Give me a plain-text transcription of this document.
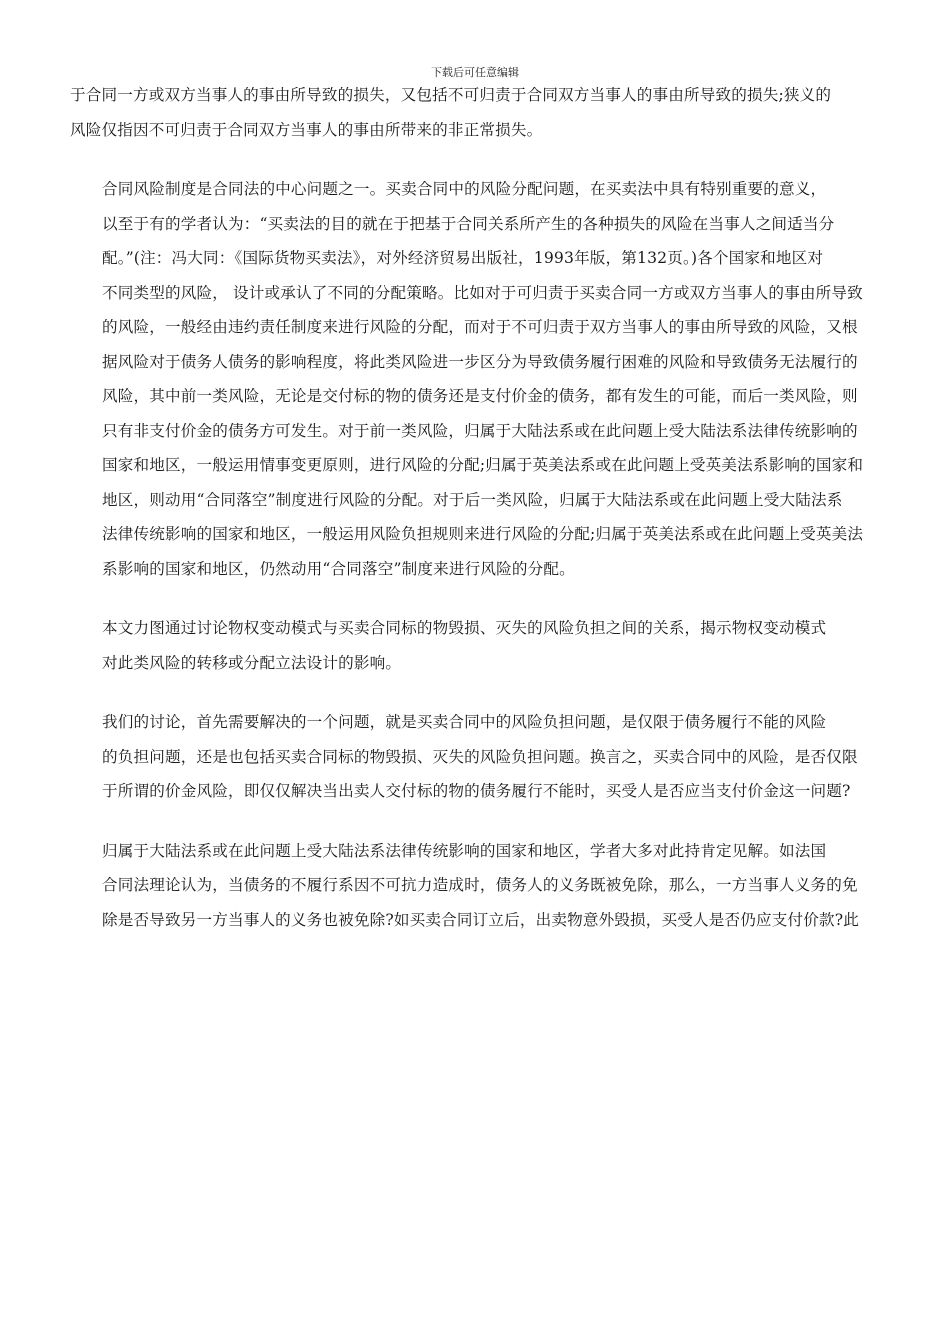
下载后可任意编辑

于合同一方或双方当事人的事由所导致的损失，又包括不可归责于合同双方当事人的事由所导致的损失;狭义的
风险仅指因不可归责于合同双方当事人的事由所带来的非正常损失。

合同风险制度是合同法的中心问题之一。买卖合同中的风险分配问题，在买卖法中具有特别重要的意义，
以至于有的学者认为：“买卖法的目的就在于把基于合同关系所产生的各种损失的风险在当事人之间适当分
配。”(注：冯大同：《国际货物买卖法》，对外经济贸易出版社，1993年版，第132页。)各个国家和地区对
不同类型的风险， 设计或承认了不同的分配策略。比如对于可归责于买卖合同一方或双方当事人的事由所导致
的风险，一般经由违约责任制度来进行风险的分配，而对于不可归责于双方当事人的事由所导致的风险，又根
据风险对于债务人债务的影响程度，将此类风险进一步区分为导致债务履行困难的风险和导致债务无法履行的
风险，其中前一类风险，无论是交付标的物的债务还是支付价金的债务，都有发生的可能，而后一类风险，则
只有非支付价金的债务方可发生。对于前一类风险，归属于大陆法系或在此问题上受大陆法系法律传统影响的
国家和地区，一般运用情事变更原则，进行风险的分配;归属于英美法系或在此问题上受英美法系影响的国家和
地区，则动用“合同落空”制度进行风险的分配。对于后一类风险，归属于大陆法系或在此问题上受大陆法系
法律传统影响的国家和地区，一般运用风险负担规则来进行风险的分配;归属于英美法系或在此问题上受英美法
系影响的国家和地区，仍然动用“合同落空”制度来进行风险的分配。

本文力图通过讨论物权变动模式与买卖合同标的物毁损、灭失的风险负担之间的关系，揭示物权变动模式
对此类风险的转移或分配立法设计的影响。

我们的讨论，首先需要解决的一个问题，就是买卖合同中的风险负担问题，是仅限于债务履行不能的风险
的负担问题，还是也包括买卖合同标的物毁损、灭失的风险负担问题。换言之，买卖合同中的风险，是否仅限
于所谓的价金风险，即仅仅解决当出卖人交付标的物的债务履行不能时，买受人是否应当支付价金这一问题?

归属于大陆法系或在此问题上受大陆法系法律传统影响的国家和地区，学者大多对此持肯定见解。如法国
合同法理论认为，当债务的不履行系因不可抗力造成时，债务人的义务既被免除，那么，一方当事人义务的免
除是否导致另一方当事人的义务也被免除?如买卖合同订立后，出卖物意外毁损，买受人是否仍应支付价款?此
